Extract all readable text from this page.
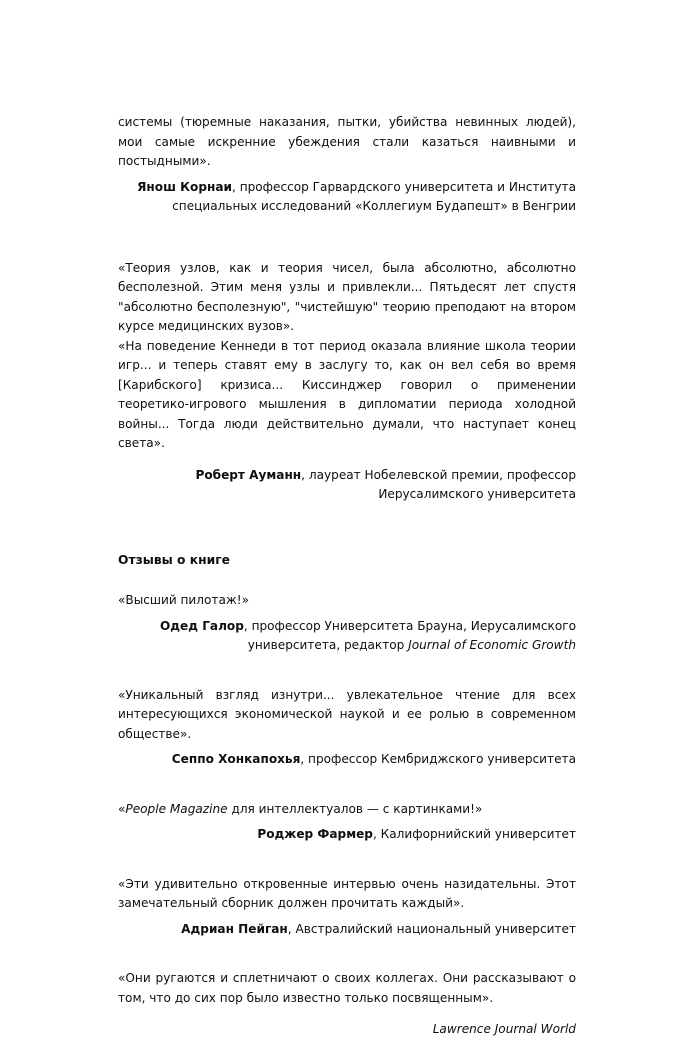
системы (тюремные наказания, пытки, убийства невинных людей), мои самые искренние убеждения стали казаться наивными и постыдными».

Янош Корнаи, профессор Гарвардского университета и Института специальных исследований «Коллегиум Будапешт» в Венгрии

«Теория узлов, как и теория чисел, была абсолютно, абсолютно бесполезной. Этим меня узлы и привлекли... Пятьдесят лет спустя "абсолютно бесполезную", "чистейшую" теорию преподают на втором курсе медицинских вузов».

«На поведение Кеннеди в тот период оказала влияние школа теории игр... и теперь ставят ему в заслугу то, как он вел себя во время [Карибского] кризиса... Киссинджер говорил о применении теоретико-игрового мышления в дипломатии периода холодной войны... Тогда люди действительно думали, что наступает конец света».

Роберт Ауманн, лауреат Нобелевской премии, профессор Иерусалимского университета

Отзывы о книге

«Высший пилотаж!»

Одед Галор, профессор Университета Брауна, Иерусалимского университета, редактор Journal of Economic Growth

«Уникальный взгляд изнутри... увлекательное чтение для всех интересующихся экономической наукой и ее ролью в современном обществе».

Сеппо Хонкапохья, профессор Кембриджского университета

«People Magazine для интеллектуалов — с картинками!»

Роджер Фармер, Калифорнийский университет

«Эти удивительно откровенные интервью очень назидательны. Этот замечательный сборник должен прочитать каждый».

Адриан Пейган, Австралийский национальный университет

«Они ругаются и сплетничают о своих коллегах. Они рассказывают о том, что до сих пор было известно только посвященным».

Lawrence Journal World
